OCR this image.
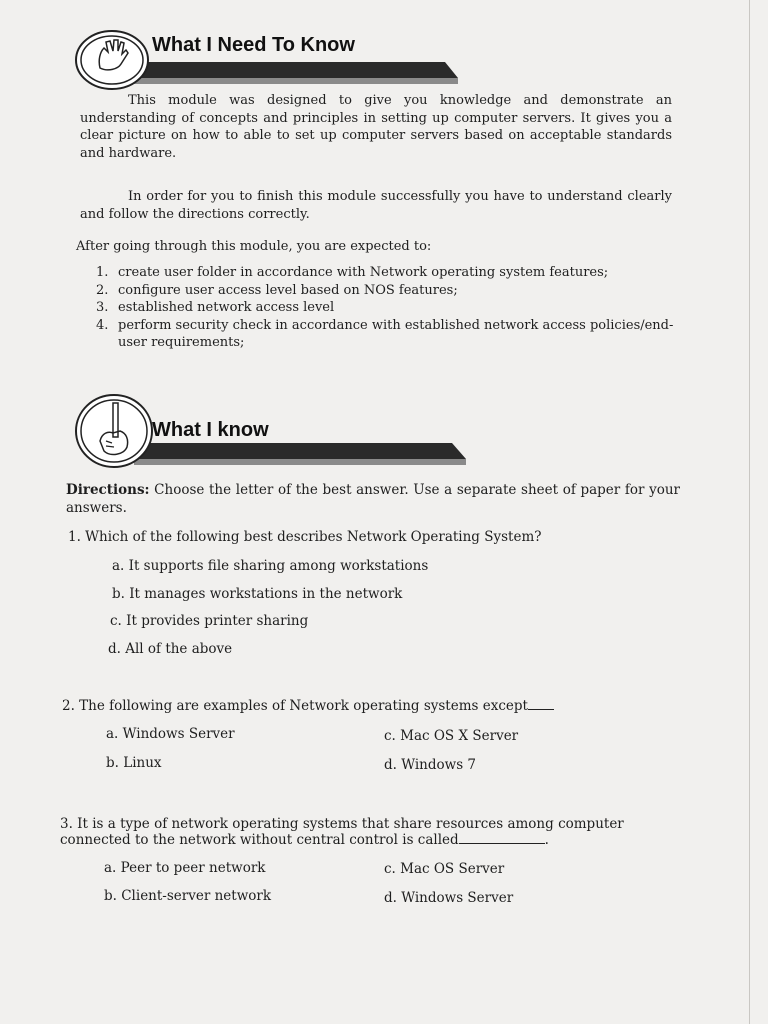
What I Need To Know

This module was designed to give you knowledge and demonstrate an understanding of concepts and principles in setting up computer servers. It gives you a clear picture on how to able to set up computer servers based on acceptable standards and hardware.

In order for you to finish this module successfully you have to understand clearly and follow the directions correctly.

After going through this module, you are expected to:

1. create user folder in accordance with Network operating system features;
2. configure user access level based on NOS features;
3. established network access level
4. perform security check in accordance with established network access policies/end-user requirements;
What I know

Directions: Choose the letter of the best answer. Use a separate sheet of paper for your answers.

1. Which of the following best describes Network Operating System?
a. It supports file sharing among workstations
b. It manages workstations in the network
c. It provides printer sharing
d. All of the above
2. The following are examples of Network operating systems except
a. Windows Server	c. Mac OS X Server
b. Linux	d. Windows 7
3. It is a type of network operating systems that share resources among computer
connected to the network without central control is called	.
a. Peer to peer network	c. Mac OS Server
b. Client-server network	d. Windows Server
